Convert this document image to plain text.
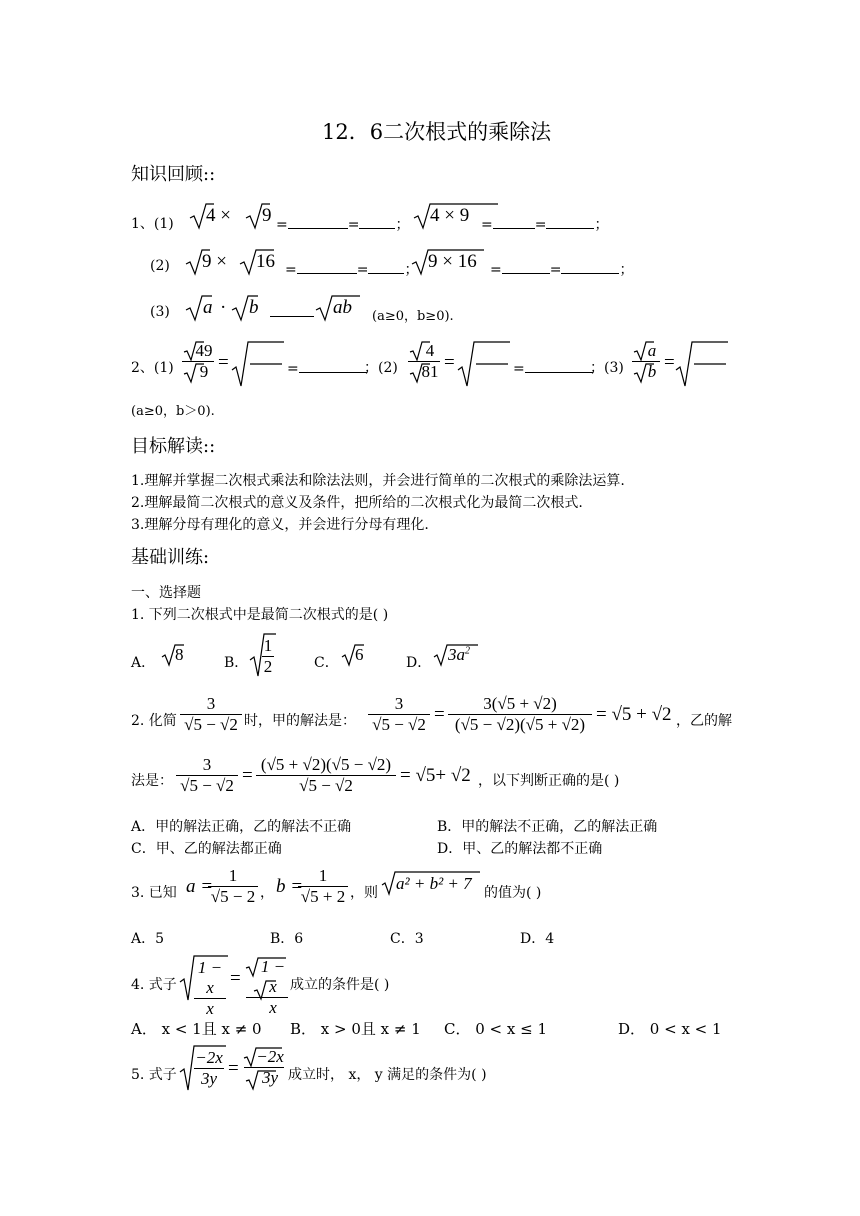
12．6二次根式的乘除法
知识回顾::
1、(1) 4 × 9 =	=	； 4 × 9 =	=	；
(2) 9 × 16 =	=	； 9 × 16 =	=	；
(3) a · b	ab (a≥0，b≥0).
2、(1)
49
9 =	=	；(2)
4
81 =	=	；(3)
a
b =
(a≥0，b＞0).
目标解读::
1.理解并掌握二次根式乘法和除法法则，并会进行简单的二次根式的乘除法运算.
2.理解最简二次根式的意义及条件，把所给的二次根式化为最简二次根式.
3.理解分母有理化的意义，并会进行分母有理化.
基础训练:
一、选择题
1. 下列二次根式中是最简二次根式的是( )
A． 8	B．
1
2	C． 6	D． $3a^2$
2. 化简
3
√5 − √2 时，甲的解法是：
3
√5 − √2 =
3(√5 + √2)
(√5 − √2)(√5 + √2) = √5 + √2 ，乙的解
法是：
3
√5 − √2 =
(√5 + √2)(√5 − √2)
√5 − √2	= √5+ √2 ，以下判断正确的是( )
A．甲的解法正确，乙的解法不正确	B．甲的解法不正确，乙的解法正确
C．甲、乙的解法都正确	D．甲、乙的解法都不正确
3. 已知 a =
1
√5 − 2 ， b =
1
√5 + 2 ，则 a² + b² + 7 的值为( )
A．5	B．6	C．3	D．4
4. 式子
1 − x
x
=
1 − x
x
成立的条件是( )
A． x < 1且 x ≠ 0 B． x > 0且 x ≠ 1 C． 0 < x ≤ 1	D． 0 < x < 1
5. 式子
−2x
3y =
−2x
3y 成立时， x， y 满足的条件为( )
